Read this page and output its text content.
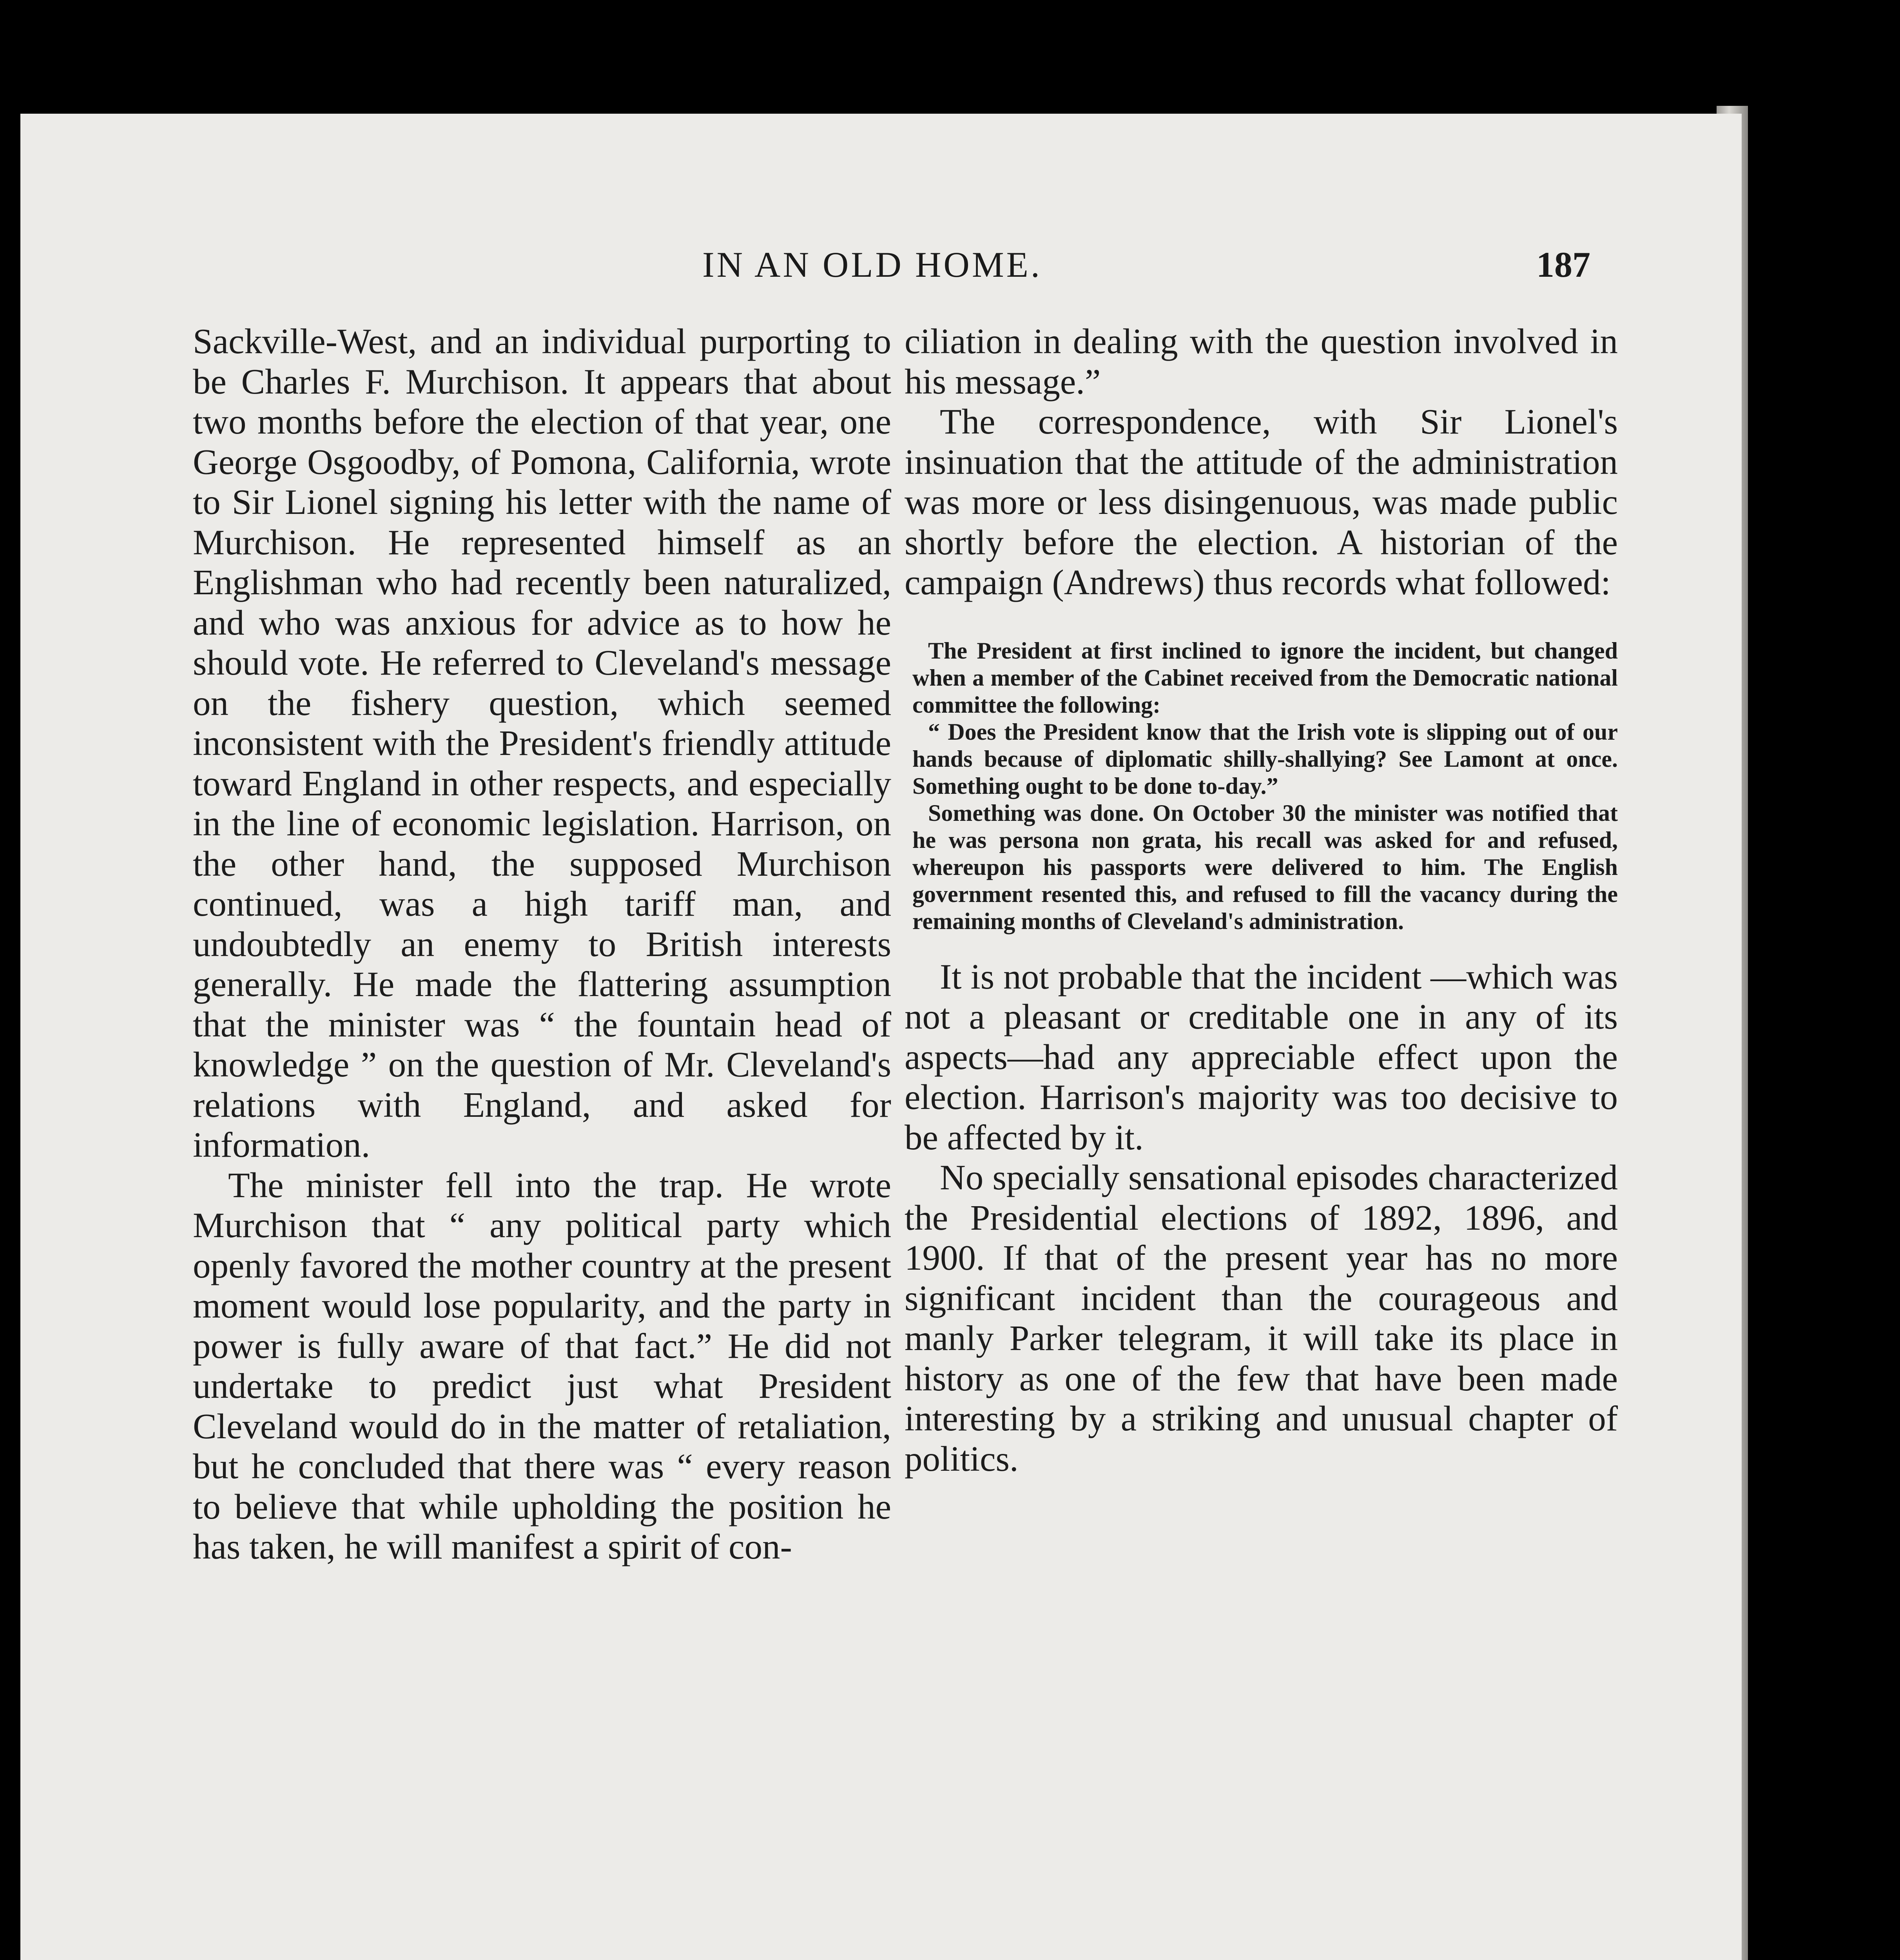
IN AN OLD HOME.	187

Sackville-West, and an individual purporting to be Charles F. Murchison. It appears that about two months before the election of that year, one George Osgoodby, of Pomona, California, wrote to Sir Lionel signing his letter with the name of Murchison. He represented himself as an Englishman who had recently been naturalized, and who was anxious for advice as to how he should vote. He referred to Cleveland's message on the fishery question, which seemed inconsistent with the President's friendly attitude toward England in other respects, and especially in the line of economic legislation. Harrison, on the other hand, the supposed Murchison continued, was a high tariff man, and undoubtedly an enemy to British interests generally. He made the flattering assumption that the minister was “ the fountain head of knowledge ” on the question of Mr. Cleveland's relations with England, and asked for information.

The minister fell into the trap. He wrote Murchison that “ any political party which openly favored the mother country at the present moment would lose popularity, and the party in power is fully aware of that fact.” He did not undertake to predict just what President Cleveland would do in the matter of retaliation, but he concluded that there was “ every reason to believe that while upholding the position he has taken, he will manifest a spirit of con-

ciliation in dealing with the question involved in his message.”

The correspondence, with Sir Lionel's insinuation that the attitude of the administration was more or less disingenuous, was made public shortly before the election. A historian of the campaign (Andrews) thus records what followed:

The President at first inclined to ignore the incident, but changed when a member of the Cabinet received from the Democratic national committee the following:

“ Does the President know that the Irish vote is slipping out of our hands because of diplomatic shilly-shallying? See Lamont at once. Something ought to be done to-day.”

Something was done. On October 30 the minister was notified that he was persona non grata, his recall was asked for and refused, whereupon his passports were delivered to him. The English government resented this, and refused to fill the vacancy during the remaining months of Cleveland's administration.

It is not probable that the incident —which was not a pleasant or creditable one in any of its aspects—had any appreciable effect upon the election. Harrison's majority was too decisive to be affected by it.

No specially sensational episodes characterized the Presidential elections of 1892, 1896, and 1900. If that of the present year has no more significant incident than the courageous and manly Parker telegram, it will take its place in history as one of the few that have been made interesting by a striking and unusual chapter of politics.
